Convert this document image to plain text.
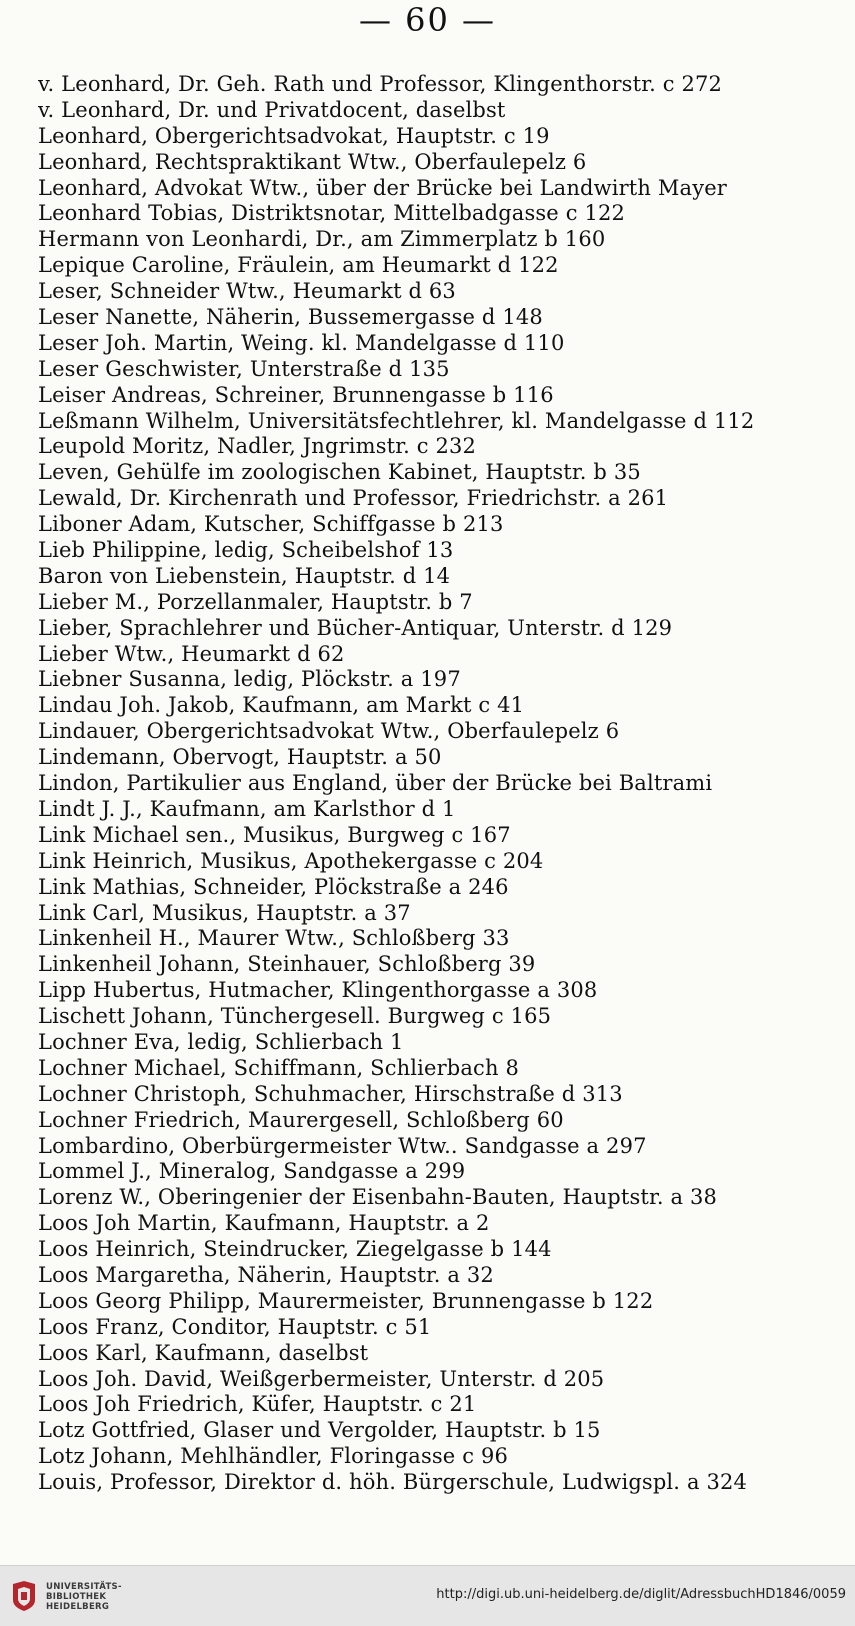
— 60 —
v. Leonhard, Dr. Geh. Rath und Professor, Klingenthorstr. c 272
v. Leonhard, Dr. und Privatdocent, daselbst
Leonhard, Obergerichtsadvokat, Hauptstr. c 19
Leonhard, Rechtspraktikant Wtw., Oberfaulepelz 6
Leonhard, Advokat Wtw., über der Brücke bei Landwirth Mayer
Leonhard Tobias, Distriktsnotar, Mittelbadgasse c 122
Hermann von Leonhardi, Dr., am Zimmerplatz b 160
Lepique Caroline, Fräulein, am Heumarkt d 122
Leser, Schneider Wtw., Heumarkt d 63
Leser Nanette, Näherin, Bussemergasse d 148
Leser Joh. Martin, Weing. kl. Mandelgasse d 110
Leser Geschwister, Unterstraße d 135
Leiser Andreas, Schreiner, Brunnengasse b 116
Leßmann Wilhelm, Universitätsfechtlehrer, kl. Mandelgasse d 112
Leupold Moritz, Nadler, Jngrimstr. c 232
Leven, Gehülfe im zoologischen Kabinet, Hauptstr. b 35
Lewald, Dr. Kirchenrath und Professor, Friedrichstr. a 261
Liboner Adam, Kutscher, Schiffgasse b 213
Lieb Philippine, ledig, Scheibelshof 13
Baron von Liebenstein, Hauptstr. d 14
Lieber M., Porzellanmaler, Hauptstr. b 7
Lieber, Sprachlehrer und Bücher-Antiquar, Unterstr. d 129
Lieber Wtw., Heumarkt d 62
Liebner Susanna, ledig, Plöckstr. a 197
Lindau Joh. Jakob, Kaufmann, am Markt c 41
Lindauer, Obergerichtsadvokat Wtw., Oberfaulepelz 6
Lindemann, Obervogt, Hauptstr. a 50
Lindon, Partikulier aus England, über der Brücke bei Baltrami
Lindt J. J., Kaufmann, am Karlsthor d 1
Link Michael sen., Musikus, Burgweg c 167
Link Heinrich, Musikus, Apothekergasse c 204
Link Mathias, Schneider, Plöckstraße a 246
Link Carl, Musikus, Hauptstr. a 37
Linkenheil H., Maurer Wtw., Schloßberg 33
Linkenheil Johann, Steinhauer, Schloßberg 39
Lipp Hubertus, Hutmacher, Klingenthorgasse a 308
Lischett Johann, Tünchergesell. Burgweg c 165
Lochner Eva, ledig, Schlierbach 1
Lochner Michael, Schiffmann, Schlierbach 8
Lochner Christoph, Schuhmacher, Hirschstraße d 313
Lochner Friedrich, Maurergesell, Schloßberg 60
Lombardino, Oberbürgermeister Wtw.. Sandgasse a 297
Lommel J., Mineralog, Sandgasse a 299
Lorenz W., Oberingenier der Eisenbahn-Bauten, Hauptstr. a 38
Loos Joh Martin, Kaufmann, Hauptstr. a 2
Loos Heinrich, Steindrucker, Ziegelgasse b 144
Loos Margaretha, Näherin, Hauptstr. a 32
Loos Georg Philipp, Maurermeister, Brunnengasse b 122
Loos Franz, Conditor, Hauptstr. c 51
Loos Karl, Kaufmann, daselbst
Loos Joh. David, Weißgerbermeister, Unterstr. d 205
Loos Joh Friedrich, Küfer, Hauptstr. c 21
Lotz Gottfried, Glaser und Vergolder, Hauptstr. b 15
Lotz Johann, Mehlhändler, Floringasse c 96
Louis, Professor, Direktor d. höh. Bürgerschule, Ludwigspl. a 324
UNIVERSITÄTS-
BIBLIOTHEK
HEIDELBERG
http://digi.ub.uni-heidelberg.de/diglit/AdressbuchHD1846/0059
